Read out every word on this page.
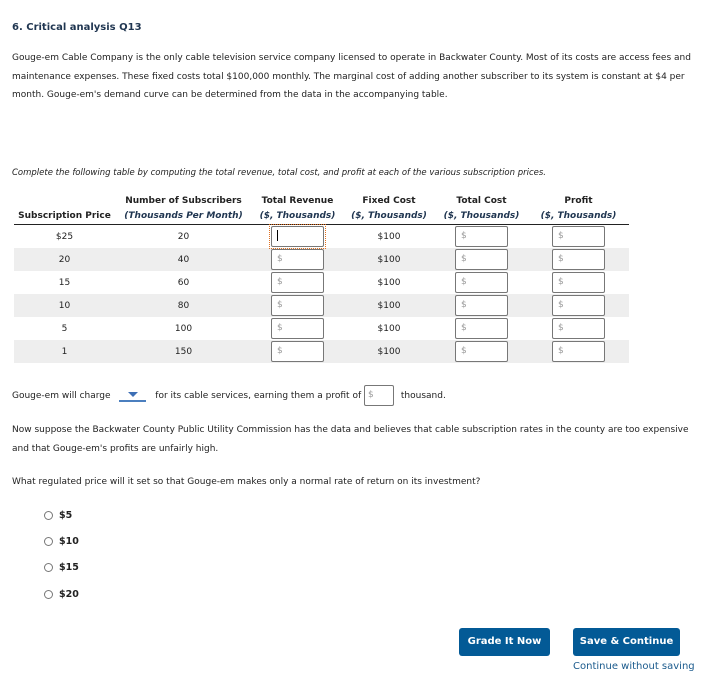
6. Critical analysis Q13
Gouge-em Cable Company is the only cable television service company licensed to operate in Backwater County. Most of its costs are access fees and maintenance expenses. These fixed costs total $100,000 monthly. The marginal cost of adding another subscriber to its system is constant at $4 per month. Gouge-em's demand curve can be determined from the data in the accompanying table.
Complete the following table by computing the total revenue, total cost, and profit at each of the various subscription prices.
	Number of Subscribers	Total Revenue	Fixed Cost	Total Cost	Profit
Subscription Price	(Thousands Per Month)	($, Thousands)	($, Thousands)	($, Thousands)	($, Thousands)
$25	20		$100	$	$
20	40	$	$100	$	$
15	60	$	$100	$	$
10	80	$	$100	$	$
5	100	$	$100	$	$
1	150	$	$100	$	$
Gouge-em will charge	for its cable services, earning them a profit of $	thousand.
Now suppose the Backwater County Public Utility Commission has the data and believes that cable subscription rates in the county are too expensive and that Gouge-em's profits are unfairly high.
What regulated price will it set so that Gouge-em makes only a normal rate of return on its investment?
$5
$10
$15
$20
Grade It Now	Save & Continue
Continue without saving
